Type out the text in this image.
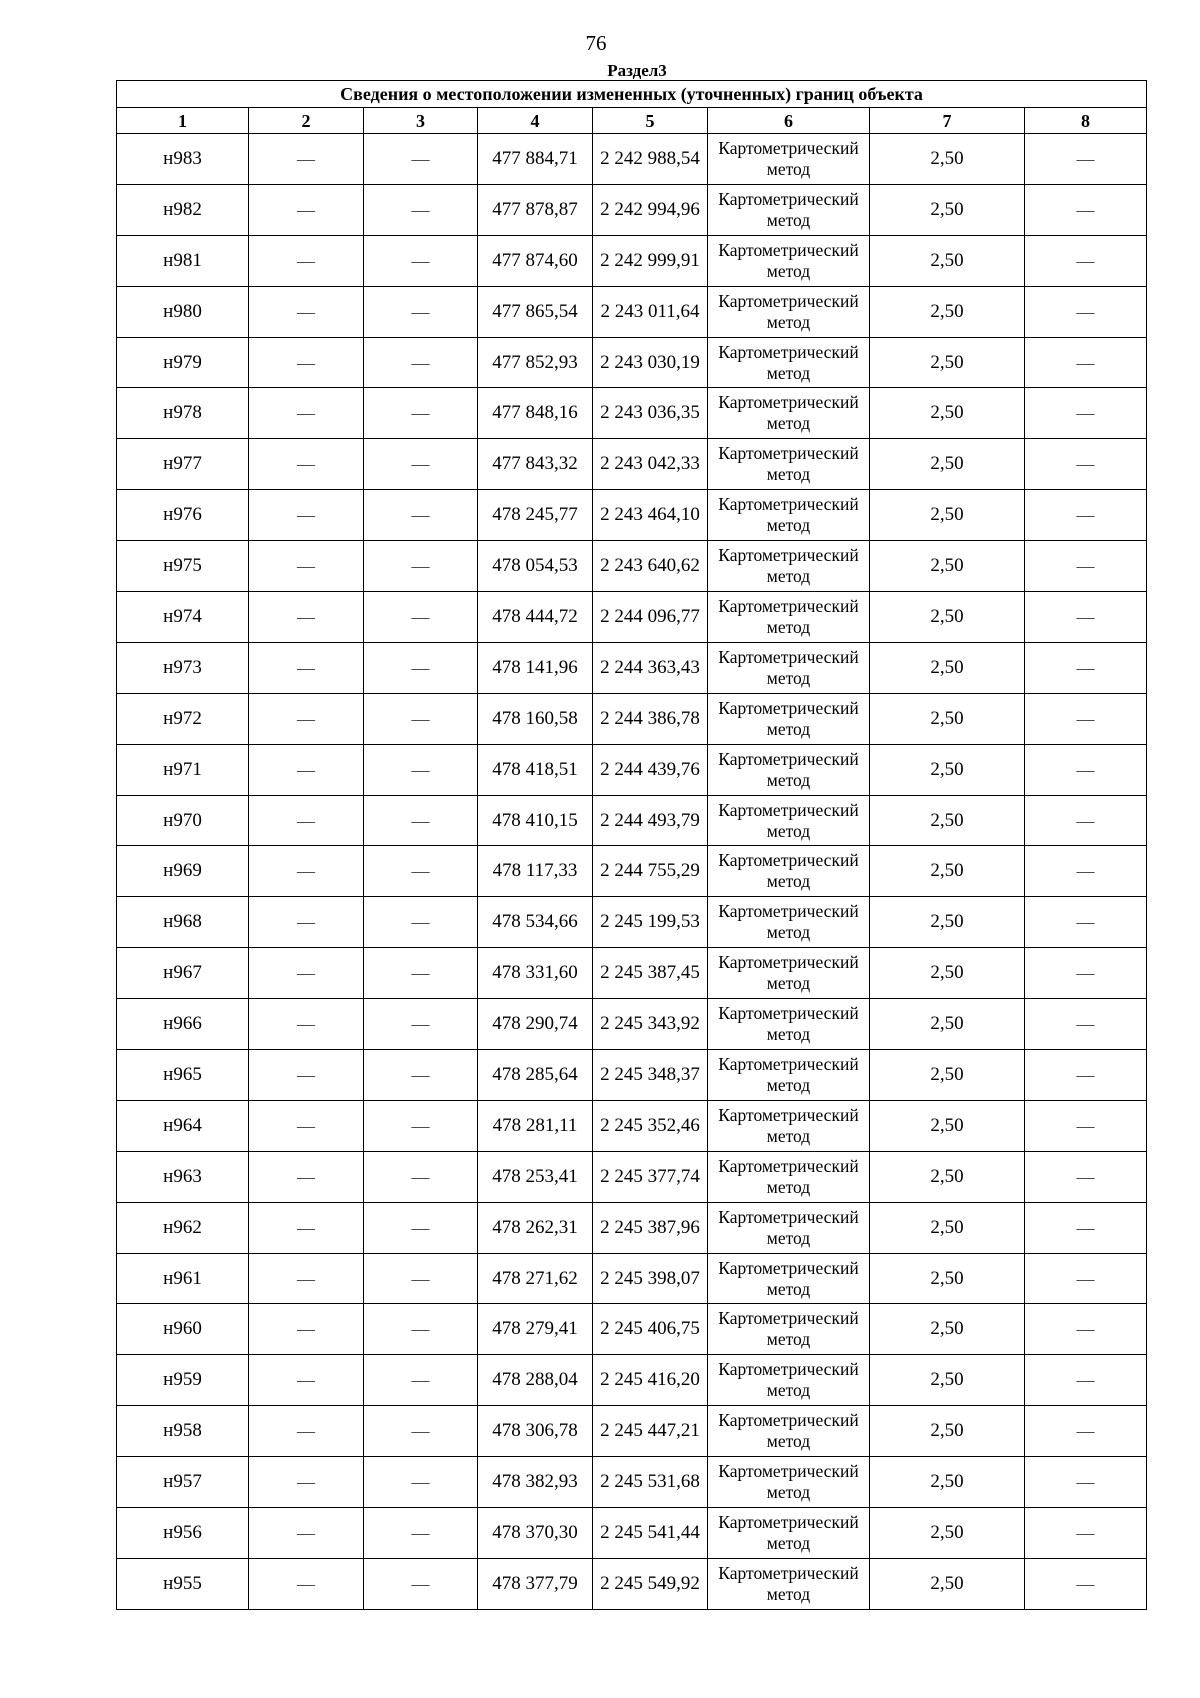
76
Раздел3
Сведения о местоположении измененных (уточненных) границ объекта							
1	2	3	4	5	6	7	8
н983	—	—	477 884,71	2 242 988,54	Картометрический метод	2,50	—
н982	—	—	477 878,87	2 242 994,96	Картометрический метод	2,50	—
н981	—	—	477 874,60	2 242 999,91	Картометрический метод	2,50	—
н980	—	—	477 865,54	2 243 011,64	Картометрический метод	2,50	—
н979	—	—	477 852,93	2 243 030,19	Картометрический метод	2,50	—
н978	—	—	477 848,16	2 243 036,35	Картометрический метод	2,50	—
н977	—	—	477 843,32	2 243 042,33	Картометрический метод	2,50	—
н976	—	—	478 245,77	2 243 464,10	Картометрический метод	2,50	—
н975	—	—	478 054,53	2 243 640,62	Картометрический метод	2,50	—
н974	—	—	478 444,72	2 244 096,77	Картометрический метод	2,50	—
н973	—	—	478 141,96	2 244 363,43	Картометрический метод	2,50	—
н972	—	—	478 160,58	2 244 386,78	Картометрический метод	2,50	—
н971	—	—	478 418,51	2 244 439,76	Картометрический метод	2,50	—
н970	—	—	478 410,15	2 244 493,79	Картометрический метод	2,50	—
н969	—	—	478 117,33	2 244 755,29	Картометрический метод	2,50	—
н968	—	—	478 534,66	2 245 199,53	Картометрический метод	2,50	—
н967	—	—	478 331,60	2 245 387,45	Картометрический метод	2,50	—
н966	—	—	478 290,74	2 245 343,92	Картометрический метод	2,50	—
н965	—	—	478 285,64	2 245 348,37	Картометрический метод	2,50	—
н964	—	—	478 281,11	2 245 352,46	Картометрический метод	2,50	—
н963	—	—	478 253,41	2 245 377,74	Картометрический метод	2,50	—
н962	—	—	478 262,31	2 245 387,96	Картометрический метод	2,50	—
н961	—	—	478 271,62	2 245 398,07	Картометрический метод	2,50	—
н960	—	—	478 279,41	2 245 406,75	Картометрический метод	2,50	—
н959	—	—	478 288,04	2 245 416,20	Картометрический метод	2,50	—
н958	—	—	478 306,78	2 245 447,21	Картометрический метод	2,50	—
н957	—	—	478 382,93	2 245 531,68	Картометрический метод	2,50	—
н956	—	—	478 370,30	2 245 541,44	Картометрический метод	2,50	—
н955	—	—	478 377,79	2 245 549,92	Картометрический метод	2,50	—
